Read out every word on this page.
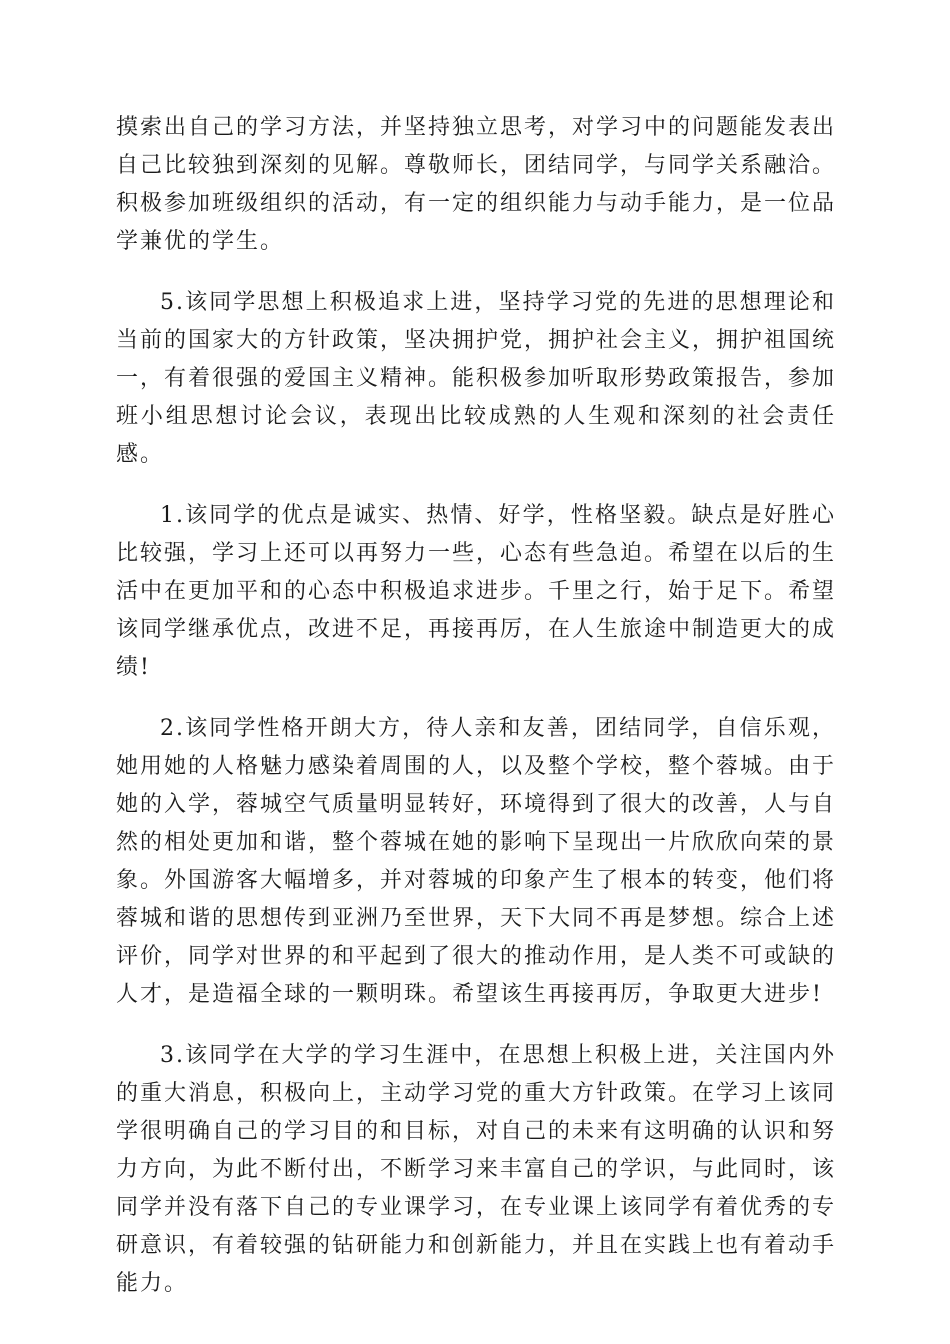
摸索出自己的学习方法，并坚持独立思考，对学习中的问题能发表出自己比较独到深刻的见解。尊敬师长，团结同学，与同学关系融洽。积极参加班级组织的活动，有一定的组织能力与动手能力，是一位品学兼优的学生。

5.该同学思想上积极追求上进，坚持学习党的先进的思想理论和当前的国家大的方针政策，坚决拥护党，拥护社会主义，拥护祖国统一，有着很强的爱国主义精神。能积极参加听取形势政策报告，参加班小组思想讨论会议，表现出比较成熟的人生观和深刻的社会责任感。

1.该同学的优点是诚实、热情、好学，性格坚毅。缺点是好胜心比较强，学习上还可以再努力一些，心态有些急迫。希望在以后的生活中在更加平和的心态中积极追求进步。千里之行，始于足下。希望该同学继承优点，改进不足，再接再厉，在人生旅途中制造更大的成绩!

2.该同学性格开朗大方，待人亲和友善，团结同学，自信乐观，她用她的人格魅力感染着周围的人，以及整个学校，整个蓉城。由于她的入学，蓉城空气质量明显转好，环境得到了很大的改善，人与自然的相处更加和谐，整个蓉城在她的影响下呈现出一片欣欣向荣的景象。外国游客大幅增多，并对蓉城的印象产生了根本的转变，他们将蓉城和谐的思想传到亚洲乃至世界，天下大同不再是梦想。综合上述评价，同学对世界的和平起到了很大的推动作用，是人类不可或缺的人才，是造福全球的一颗明珠。希望该生再接再厉，争取更大进步!

3.该同学在大学的学习生涯中，在思想上积极上进，关注国内外的重大消息，积极向上，主动学习党的重大方针政策。在学习上该同学很明确自己的学习目的和目标，对自己的未来有这明确的认识和努力方向，为此不断付出，不断学习来丰富自己的学识，与此同时，该同学并没有落下自己的专业课学习，在专业课上该同学有着优秀的专研意识，有着较强的钻研能力和创新能力，并且在实践上也有着动手能力。
